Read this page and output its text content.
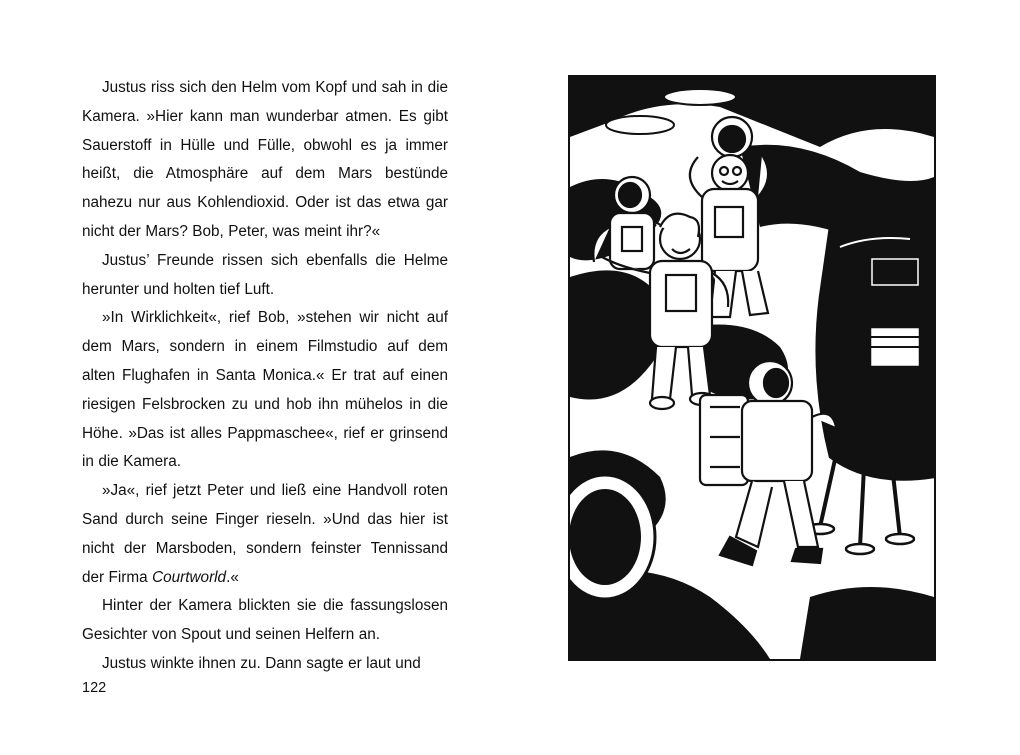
Justus riss sich den Helm vom Kopf und sah in die Kamera. »Hier kann man wunderbar atmen. Es gibt Sauerstoff in Hülle und Fülle, obwohl es ja immer heißt, die Atmosphäre auf dem Mars bestünde nahezu nur aus Kohlendioxid. Oder ist das etwa gar nicht der Mars? Bob, Peter, was meint ihr?«

Justus’ Freunde rissen sich ebenfalls die Helme herunter und holten tief Luft.

»In Wirklichkeit«, rief Bob, »stehen wir nicht auf dem Mars, sondern in einem Filmstudio auf dem alten Flughafen in Santa Monica.« Er trat auf einen riesigen Felsbrocken zu und hob ihn mühelos in die Höhe. »Das ist alles Pappmaschee«, rief er grinsend in die Kamera.

»Ja«, rief jetzt Peter und ließ eine Handvoll roten Sand durch seine Finger rieseln. »Und das hier ist nicht der Marsboden, sondern feinster Tennissand der Firma Courtworld.«

Hinter der Kamera blickten sie die fassungslosen Gesichter von Spout und seinen Helfern an.

Justus winkte ihnen zu. Dann sagte er laut und

122
